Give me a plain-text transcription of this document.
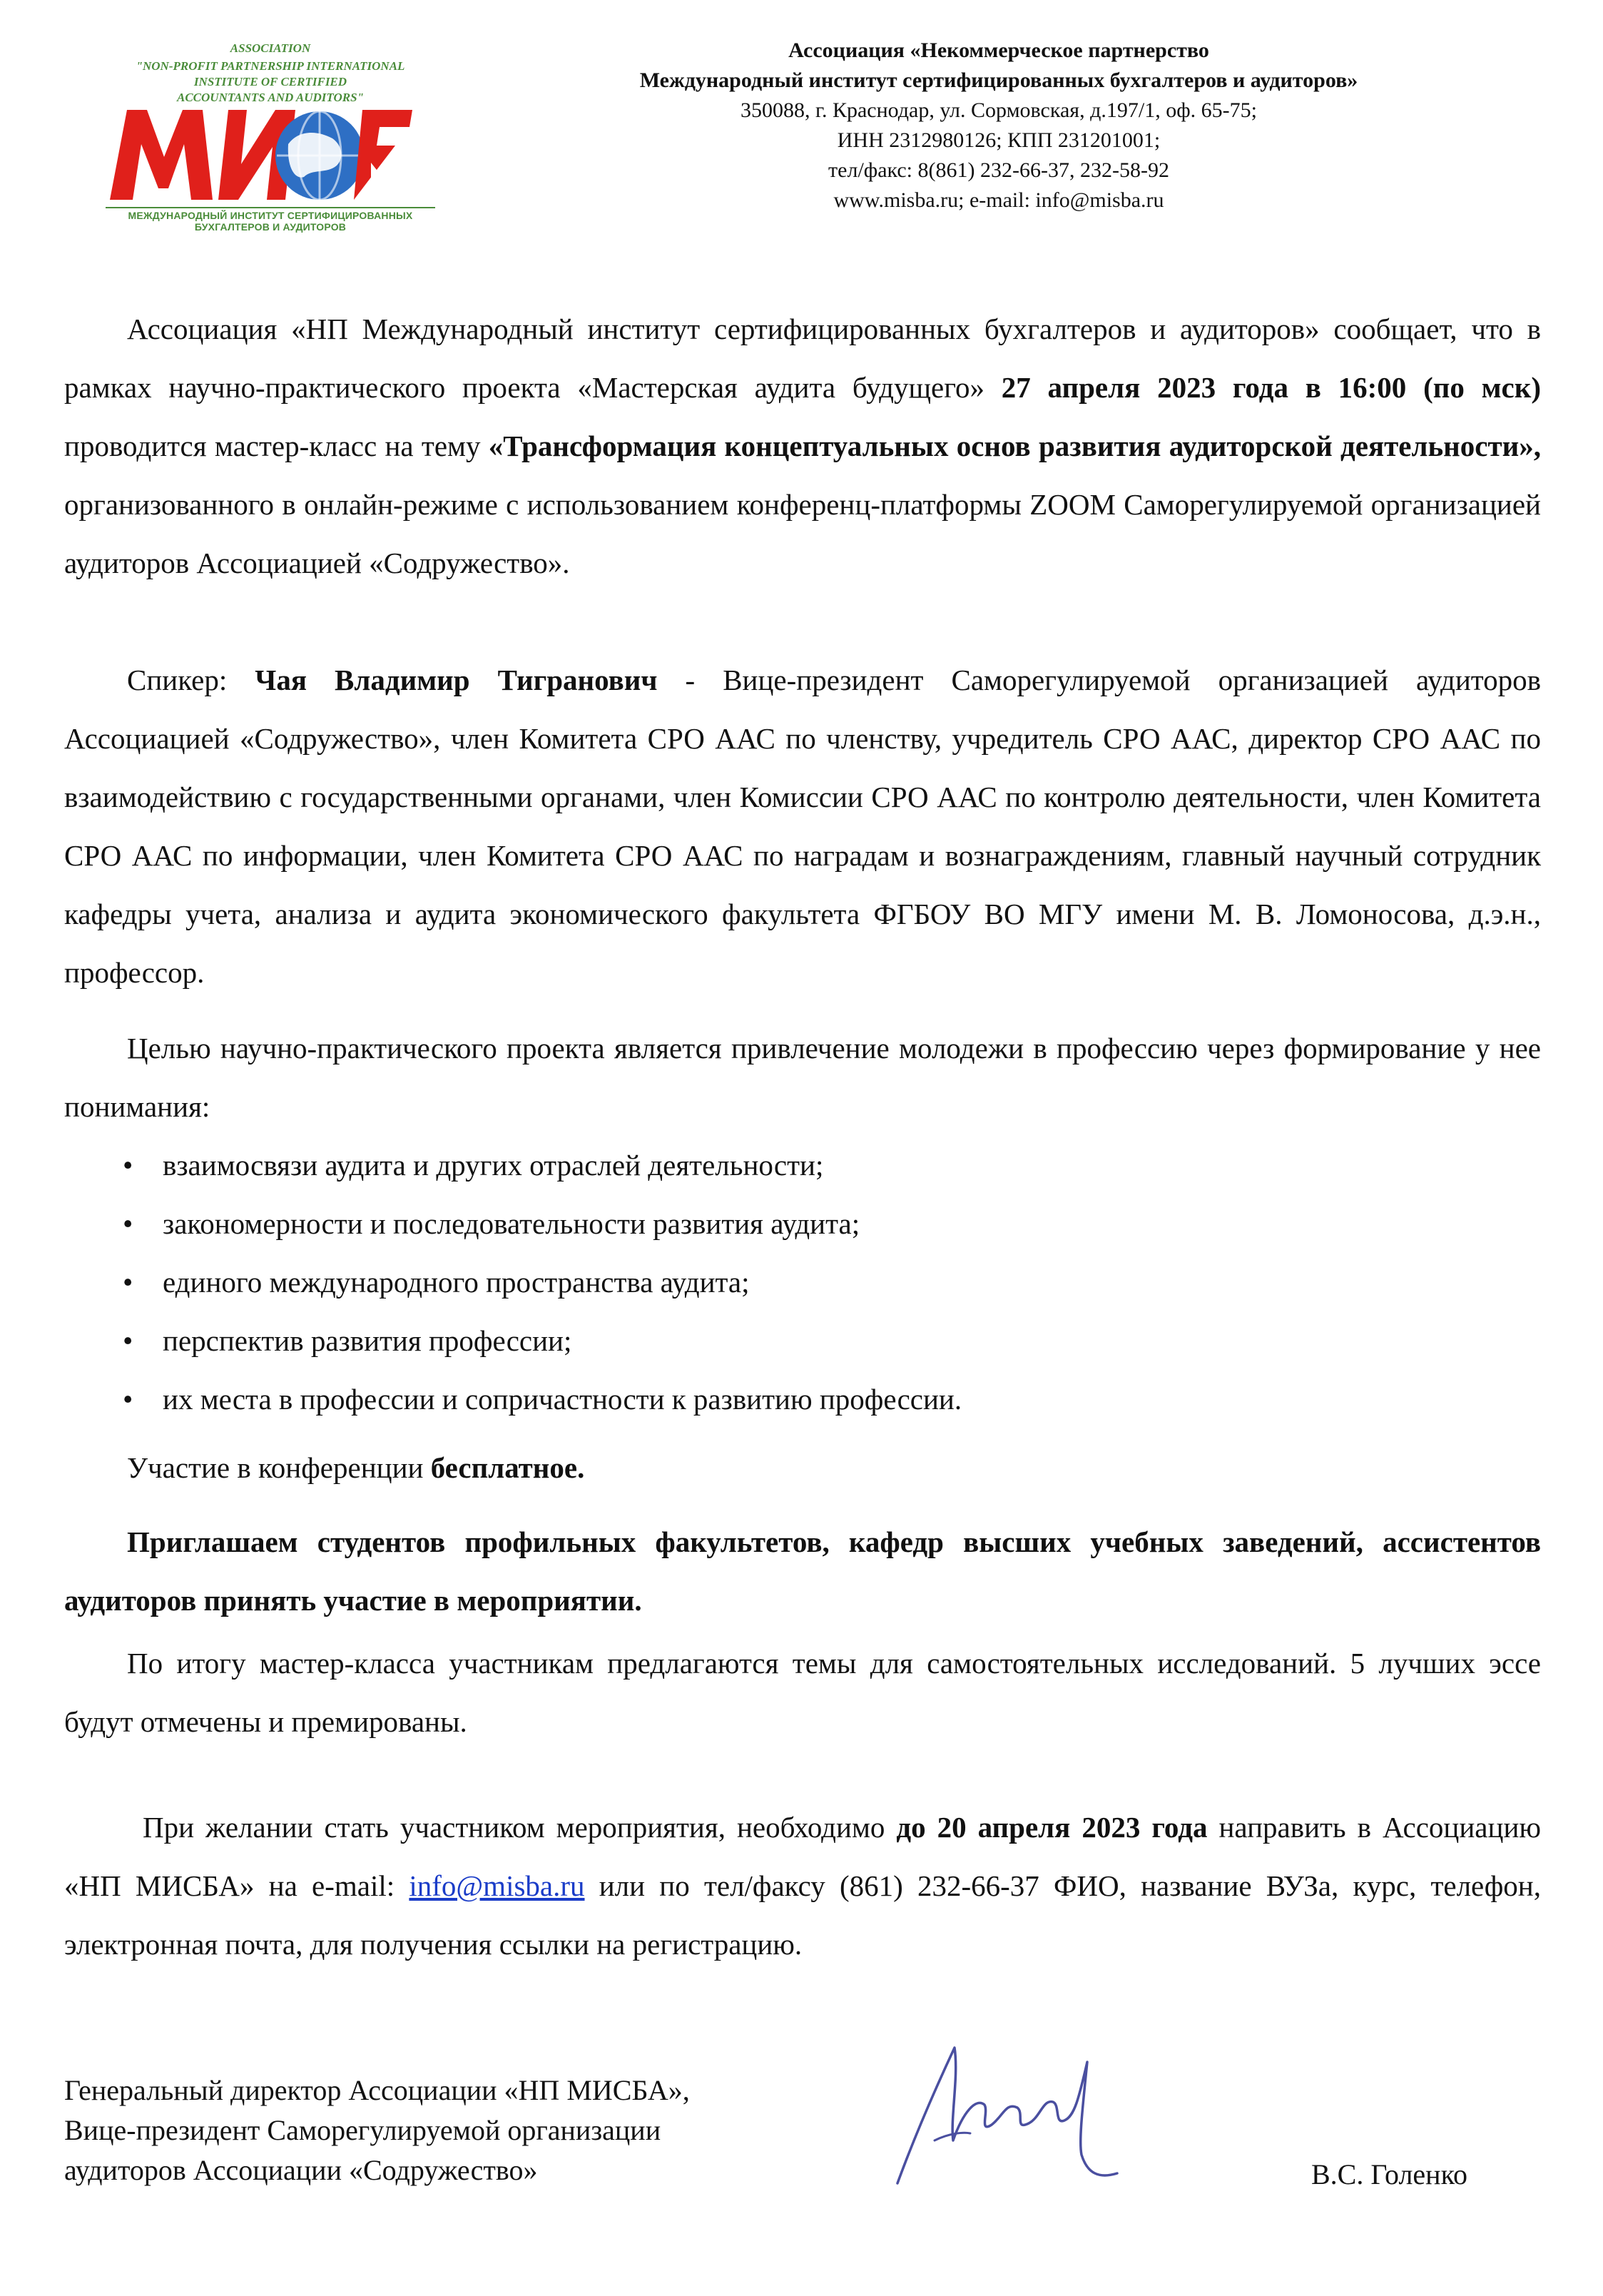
ASSOCIATION
"NON-PROFIT PARTNERSHIP INTERNATIONAL INSTITUTE OF CERTIFIED
ACCOUNTANTS AND AUDITORS"
МЕЖДУНАРОДНЫЙ ИНСТИТУТ СЕРТИФИЦИРОВАННЫХ БУХГАЛТЕРОВ И АУДИТОРОВ
Ассоциация «Некоммерческое партнерство
Международный институт сертифицированных бухгалтеров и аудиторов»
350088, г. Краснодар, ул. Сормовская, д.197/1, оф. 65-75;
ИНН 2312980126; КПП 231201001;
тел/факс: 8(861) 232-66-37, 232-58-92
www.misba.ru; e-mail: info@misba.ru

Ассоциация «НП Международный институт сертифицированных бухгалтеров и аудиторов» сообщает, что в рамках научно-практического проекта «Мастерская аудита будущего» 27 апреля 2023 года в 16:00 (по мск) проводится мастер-класс на тему «Трансформация концептуальных основ развития аудиторской деятельности», организованного в онлайн-режиме с использованием конференц-платформы ZOOM Саморегулируемой организацией аудиторов Ассоциацией «Содружество».

Спикер: Чая Владимир Тигранович - Вице-президент Саморегулируемой организацией аудиторов Ассоциацией «Содружество», член Комитета СРО ААС по членству, учредитель СРО ААС, директор СРО ААС по взаимодействию с государственными органами, член Комиссии СРО ААС по контролю деятельности, член Комитета СРО ААС по информации, член Комитета СРО ААС по наградам и вознаграждениям, главный научный сотрудник кафедры учета, анализа и аудита экономического факультета ФГБОУ ВО МГУ имени М. В. Ломоносова, д.э.н., профессор.

Целью научно-практического проекта является привлечение молодежи в профессию через формирование у нее понимания:

• взаимосвязи аудита и других отраслей деятельности;
• закономерности и последовательности развития аудита;
• единого международного пространства аудита;
• перспектив развития профессии;
• их места в профессии и сопричастности к развитию профессии.

Участие в конференции бесплатное.

Приглашаем студентов профильных факультетов, кафедр высших учебных заведений, ассистентов аудиторов принять участие в мероприятии.

По итогу мастер-класса участникам предлагаются темы для самостоятельных исследований. 5 лучших эссе будут отмечены и премированы.

При желании стать участником мероприятия, необходимо до 20 апреля 2023 года направить в Ассоциацию «НП МИСБА» на e-mail: info@misba.ru или по тел/факсу (861) 232-66-37 ФИО, название ВУЗа, курс, телефон, электронная почта, для получения ссылки на регистрацию.

Генеральный директор Ассоциации «НП МИСБА»,
Вице-президент Саморегулируемой организации
аудиторов Ассоциации «Содружество»	В.С. Голенко
